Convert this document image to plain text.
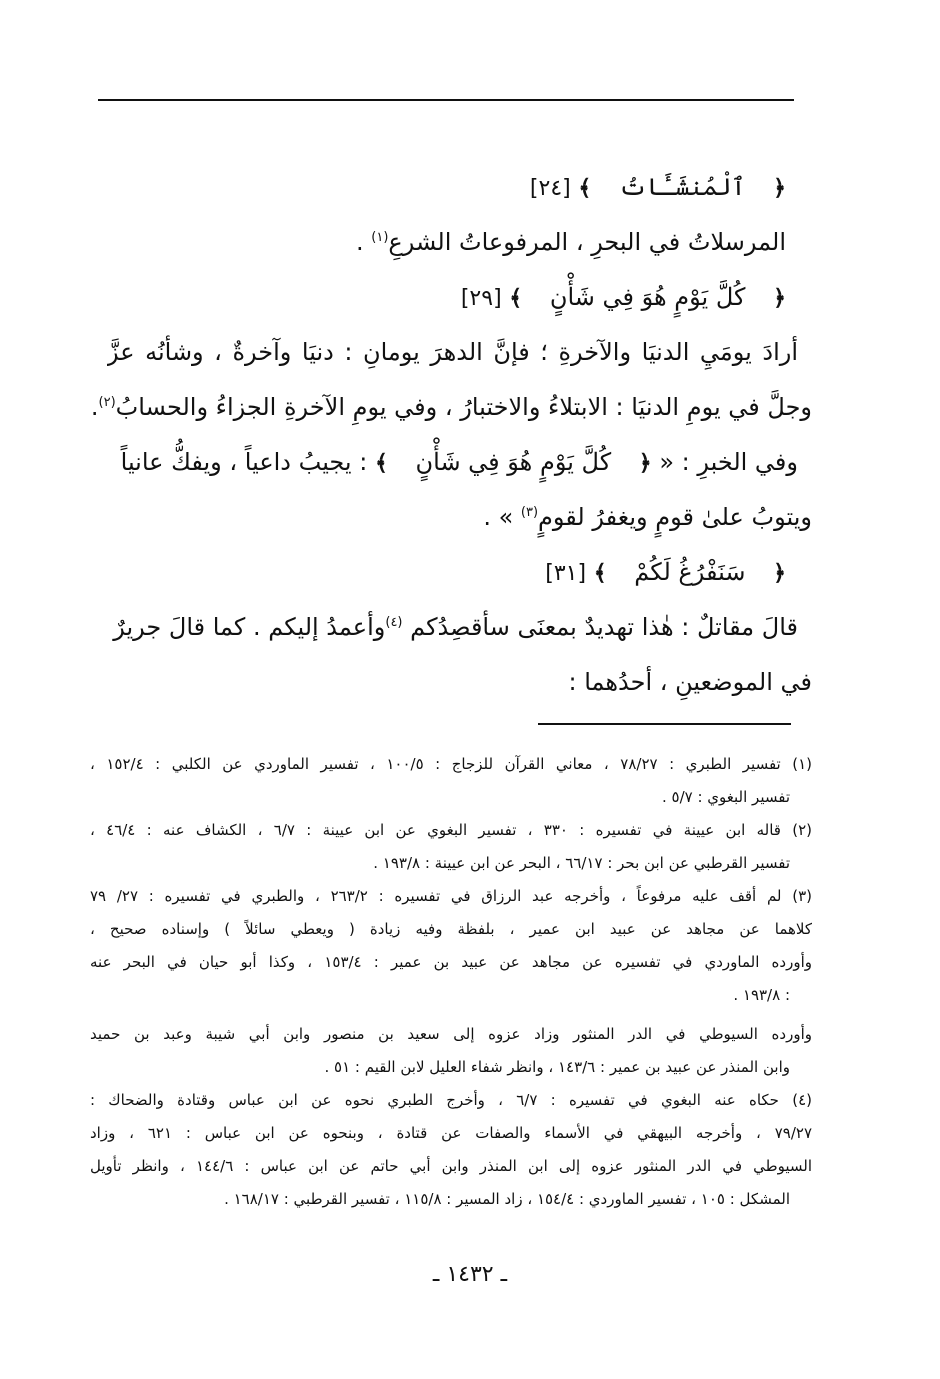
﴿ ٱلْمُنشَـَٔاتُ ﴾ [٢٤]
المرسلاتُ في البحرِ ، المرفوعاتُ الشرعِ$^{(١)}$ .
﴿ كُلَّ يَوْمٍ هُوَ فِي شَأْنٍ ﴾ [٢٩]
أرادَ يومَيِ الدنيَا والآخرةِ ؛ فإنَّ الدهرَ يومانِ : دنيَا وآخرةٌ ، وشأنُه عزَّ
وجلَّ في يومِ الدنيَا : الابتلاءُ والاختبارُ ، وفي يومِ الآخرةِ الجزاءُ والحسابُ$^{(٢)}$.
وفي الخبرِ : « ﴿ كُلَّ يَوْمٍ هُوَ فِي شَأْنٍ ﴾ : يجيبُ داعياً ، ويفكُّ عانياً
ويتوبُ علىٰ قومٍ ويغفرُ لقومٍ$^{(٣)}$ » .
﴿ سَنَفْرُغُ لَكُمْ ﴾ [٣١]
قالَ مقاتلٌ : هٰذا تهديدٌ بمعنَى سأقصِدُكم $^{(٤)}$وأعمدُ إليكم . كما قالَ جريرٌ
في الموضعينِ ، أحدُهما :
(١) تفسير الطبري : ٧٨/٢٧ ، معاني القرآن للزجاج : ١٠٠/٥ ، تفسير الماوردي عن الكلبي : ١٥٢/٤ ،
تفسير البغوي : ٥/٧ .
(٢) قاله ابن عيينة في تفسيره : ٣٣٠ ، تفسير البغوي عن ابن عيينة : ٦/٧ ، الكشاف عنه : ٤٦/٤ ،
تفسير القرطبي عن ابن بحر : ٦٦/١٧ ، البحر عن ابن عيينة : ١٩٣/٨ .
(٣) لم أقف عليه مرفوعاً ، وأخرجه عبد الرزاق في تفسيره : ٢٦٣/٢ ، والطبري في تفسيره : ٢٧/ ٧٩
كلاهما عن مجاهد عن عبيد ابن عمير ، بلفظة وفيه زيادة ( ويعطي سائلاً ) وإسناده صحيح ،
وأورده الماوردي في تفسيره عن مجاهد عن عبيد بن عمير : ١٥٣/٤ ، وكذا أبو حيان في البحر عنه
: ١٩٣/٨ .
وأورده السيوطي في الدر المنثور وزاد عزوه إلى سعيد بن منصور وابن أبي شيبة وعبد بن حميد
وابن المنذر عن عبيد بن عمير : ١٤٣/٦ ، وانظر شفاء العليل لابن القيم : ٥١ .
(٤) حكاه عنه البغوي في تفسيره : ٦/٧ ، وأخرج الطبري نحوه عن ابن عباس وقتادة والضحاك :
٧٩/٢٧ ، وأخرجه البيهقي في الأسماء والصفات عن قتادة ، وبنحوه عن ابن عباس : ٦٢١ ، وزاد
السيوطي في الدر المنثور عزوه إلى ابن المنذر وابن أبي حاتم عن ابن عباس : ١٤٤/٦ ، وانظر تأويل
المشكل : ١٠٥ ، تفسير الماوردي : ١٥٤/٤ ، زاد المسير : ١١٥/٨ ، تفسير القرطبي : ١٦٨/١٧ .
ـ ١٤٣٢ ـ
